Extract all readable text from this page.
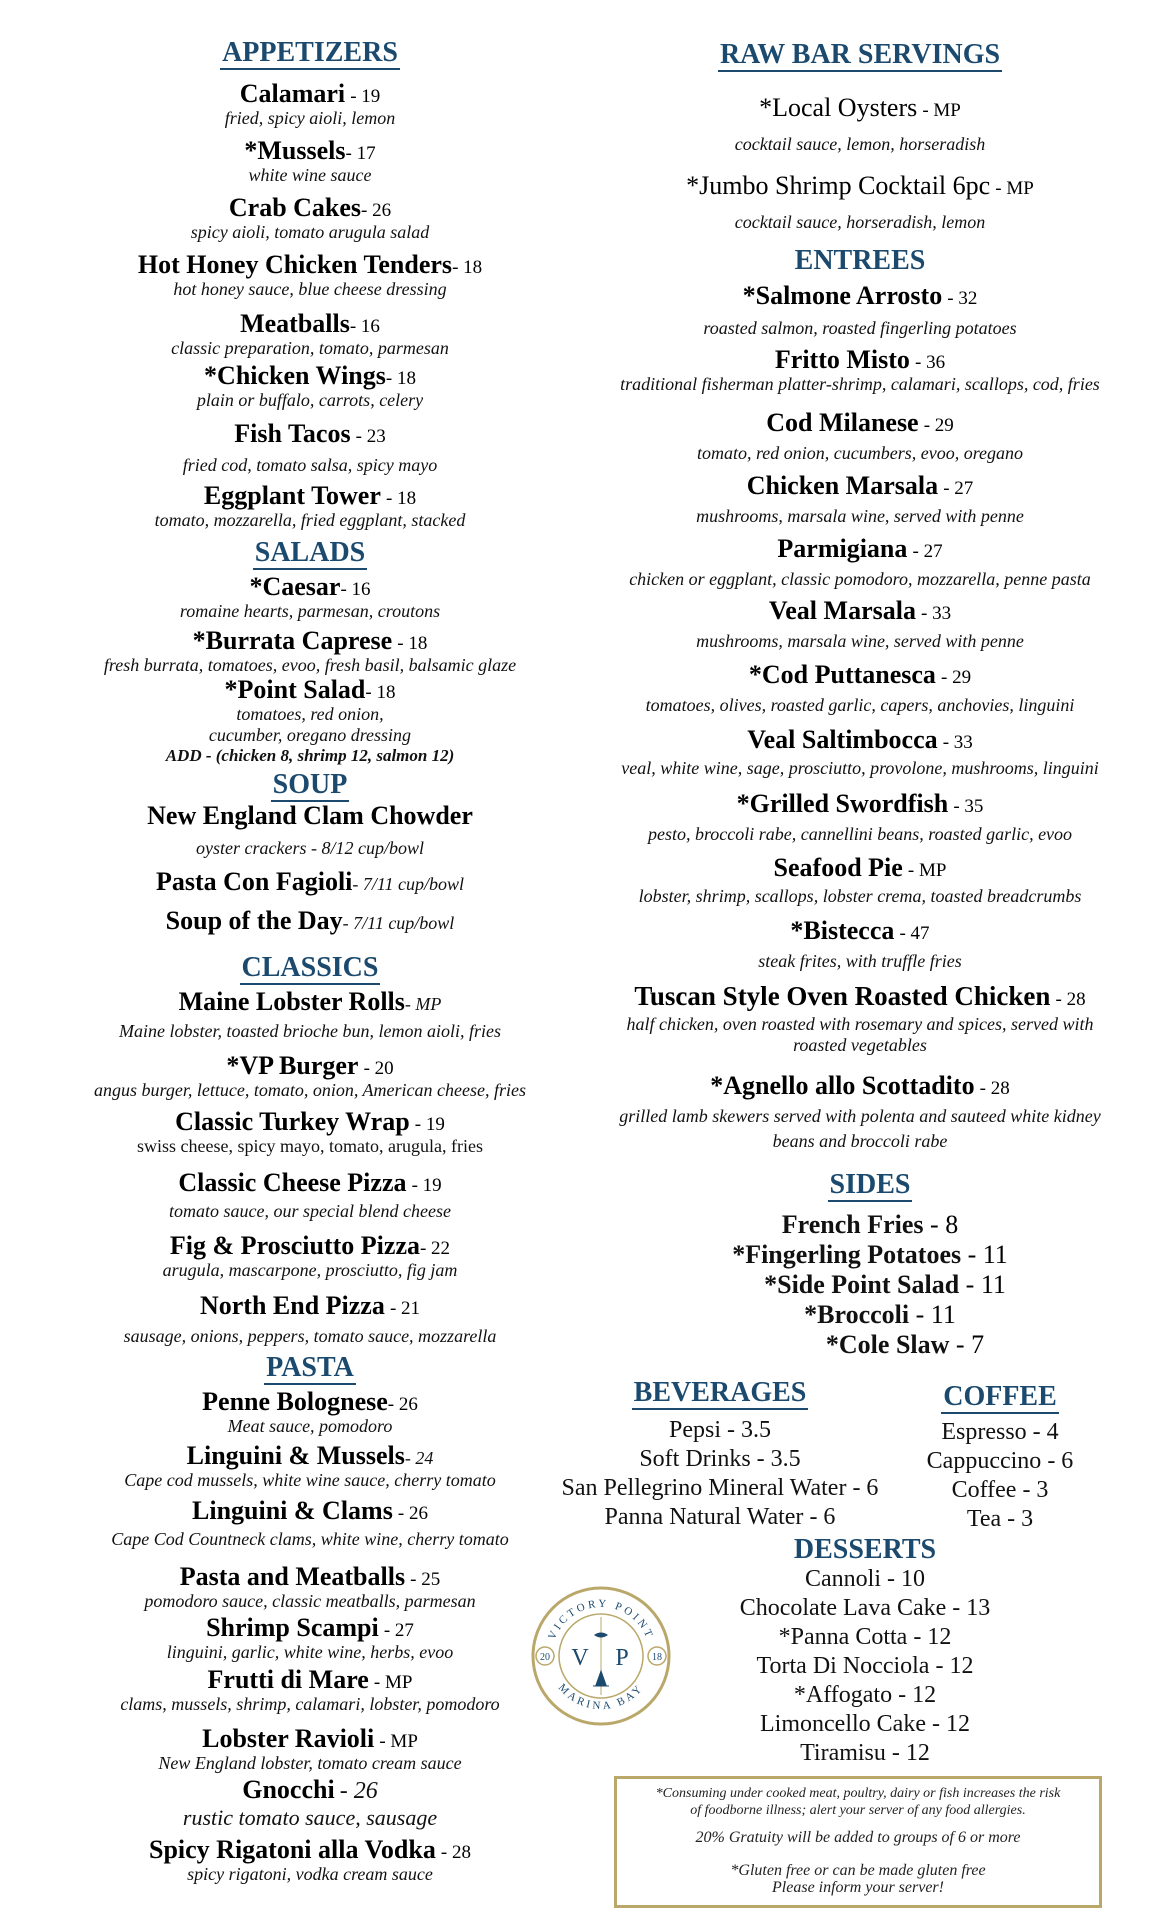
APPETIZERS
Calamari - 19
fried, spicy aioli, lemon
*Mussels- 17
white wine sauce
Crab Cakes- 26
spicy aioli, tomato arugula salad
Hot Honey Chicken Tenders- 18
hot honey sauce, blue cheese dressing
Meatballs- 16
classic preparation, tomato, parmesan
*Chicken Wings- 18
plain or buffalo, carrots, celery
Fish Tacos - 23
fried cod, tomato salsa, spicy mayo
Eggplant Tower - 18
tomato, mozzarella, fried eggplant, stacked
SALADS
*Caesar- 16
romaine hearts, parmesan, croutons
*Burrata Caprese - 18
fresh burrata, tomatoes, evoo, fresh basil, balsamic glaze
*Point Salad- 18
tomatoes, red onion,
cucumber, oregano dressing
ADD - (chicken 8, shrimp 12, salmon 12)
SOUP
New England Clam Chowder
oyster crackers - 8/12 cup/bowl
Pasta Con Fagioli- 7/11 cup/bowl
Soup of the Day- 7/11 cup/bowl
CLASSICS
Maine Lobster Rolls- MP
Maine lobster, toasted brioche bun, lemon aioli, fries
*VP Burger - 20
angus burger, lettuce, tomato, onion, American cheese, fries
Classic Turkey Wrap - 19
swiss cheese, spicy mayo, tomato, arugula, fries
Classic Cheese Pizza - 19
tomato sauce, our special blend cheese
Fig & Prosciutto Pizza- 22
arugula, mascarpone, prosciutto, fig jam
North End Pizza - 21
sausage, onions, peppers, tomato sauce, mozzarella
PASTA
Penne Bolognese- 26
Meat sauce, pomodoro
Linguini & Mussels- 24
Cape cod mussels, white wine sauce, cherry tomato
Linguini & Clams - 26
Cape Cod Countneck clams, white wine, cherry tomato
Pasta and Meatballs - 25
pomodoro sauce, classic meatballs, parmesan
Shrimp Scampi - 27
linguini, garlic, white wine, herbs, evoo
Frutti di Mare - MP
clams, mussels, shrimp, calamari, lobster, pomodoro
Lobster Ravioli - MP
New England lobster, tomato cream sauce
Gnocchi - 26
rustic tomato sauce, sausage
Spicy Rigatoni alla Vodka - 28
spicy rigatoni, vodka cream sauce
RAW BAR SERVINGS
*Local Oysters - MP
cocktail sauce, lemon, horseradish
*Jumbo Shrimp Cocktail 6pc - MP
cocktail sauce, horseradish, lemon
ENTREES
*Salmone Arrosto - 32
roasted salmon, roasted fingerling potatoes
Fritto Misto - 36
traditional fisherman platter-shrimp, calamari, scallops, cod, fries
Cod Milanese - 29
tomato, red onion, cucumbers, evoo, oregano
Chicken Marsala - 27
mushrooms, marsala wine, served with penne
Parmigiana - 27
chicken or eggplant, classic pomodoro, mozzarella, penne pasta
Veal Marsala - 33
mushrooms, marsala wine, served with penne
*Cod Puttanesca - 29
tomatoes, olives, roasted garlic, capers, anchovies, linguini
Veal Saltimbocca - 33
veal, white wine, sage, prosciutto, provolone, mushrooms, linguini
*Grilled Swordfish - 35
pesto, broccoli rabe, cannellini beans, roasted garlic, evoo
Seafood Pie - MP
lobster, shrimp, scallops, lobster crema, toasted breadcrumbs
*Bistecca - 47
steak frites, with truffle fries
Tuscan Style Oven Roasted Chicken - 28
half chicken, oven roasted with rosemary and spices, served with
roasted vegetables
*Agnello allo Scottadito - 28
grilled lamb skewers served with polenta and sauteed white kidney
beans and broccoli rabe
SIDES
French Fries - 8
*Fingerling Potatoes - 11
*Side Point Salad - 11
*Broccoli - 11
*Cole Slaw - 7
BEVERAGES
Pepsi - 3.5
Soft Drinks - 3.5
San Pellegrino Mineral Water - 6
Panna Natural Water - 6
COFFEE
Espresso - 4
Cappuccino - 6
Coffee - 3
Tea - 3
DESSERTS
Cannoli - 10
Chocolate Lava Cake - 13
*Panna Cotta - 12
Torta Di Nocciola - 12
*Affogato - 12
Limoncello Cake - 12
Tiramisu - 12
VICTORY POINT
MARINA BAY
V P
20	18
*Consuming under cooked meat, poultry, dairy or fish increases the risk
of foodborne illness; alert your server of any food allergies.
20% Gratuity will be added to groups of 6 or more
*Gluten free or can be made gluten free
Please inform your server!
